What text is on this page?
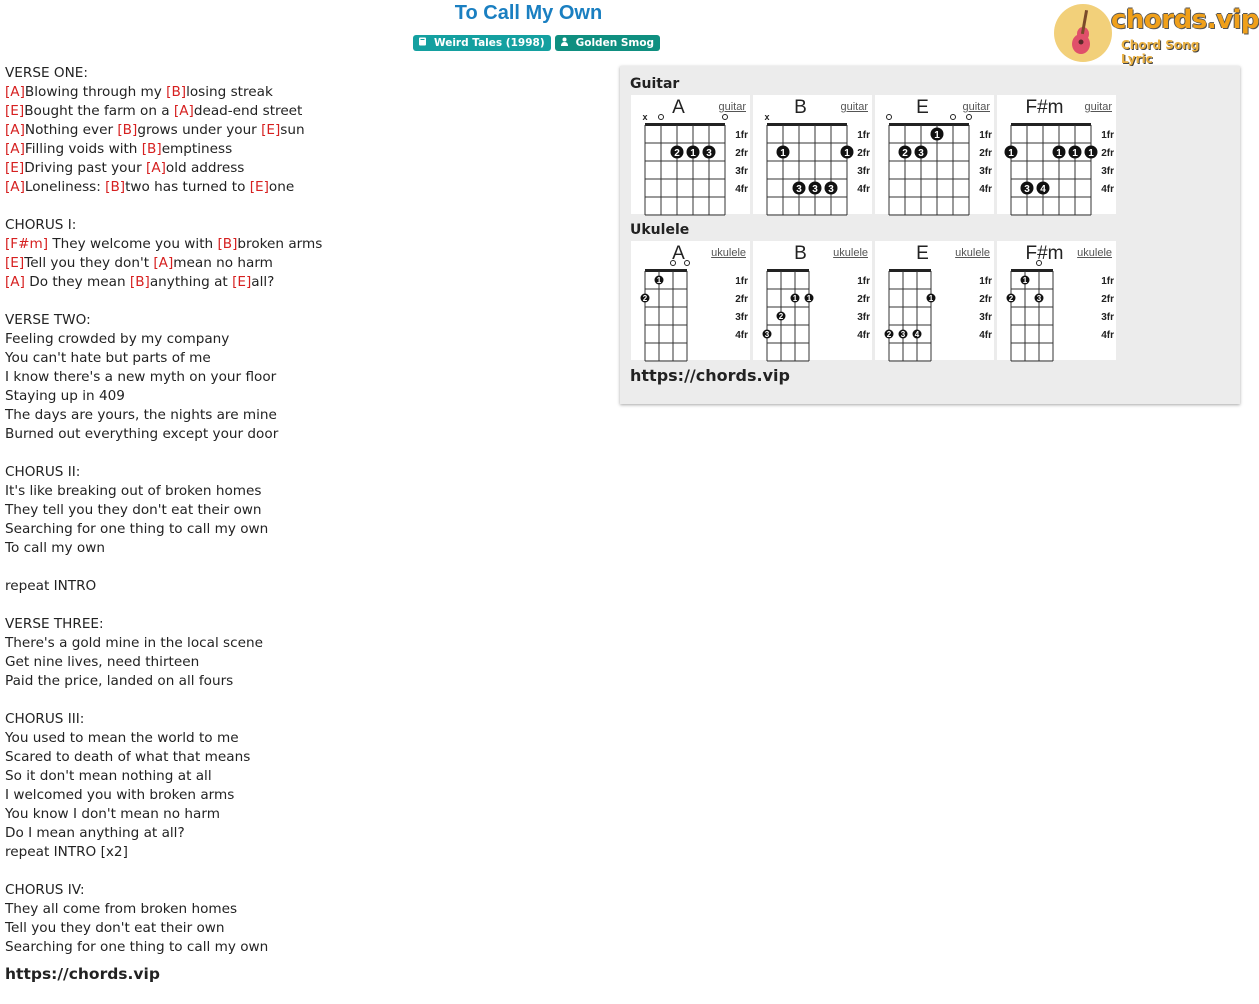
To Call My Own
Weird Tales (1998)	Golden Smog
chords.vip
Chord Song Lyric
VERSE ONE:
[A]Blowing through my [B]losing streak
[E]Bought the farm on a [A]dead-end street
[A]Nothing ever [B]grows under your [E]sun
[A]Filling voids with [B]emptiness
[E]Driving past your [A]old address
[A]Loneliness: [B]two has turned to [E]one
CHORUS I:
[F#m] They welcome you with [B]broken arms
[E]Tell you they don't [A]mean no harm
[A] Do they mean [B]anything at [E]all?
VERSE TWO:
Feeling crowded by my company
You can't hate but parts of me
I know there's a new myth on your floor
Staying up in 409
The days are yours, the nights are mine
Burned out everything except your door
CHORUS II:
It's like breaking out of broken homes
They tell you they don't eat their own
Searching for one thing to call my own
To call my own
repeat INTRO
VERSE THREE:
There's a gold mine in the local scene
Get nine lives, need thirteen
Paid the price, landed on all fours
CHORUS III:
You used to mean the world to me
Scared to death of what that means
So it don't mean nothing at all
I welcomed you with broken arms
You know I don't mean no harm
Do I mean anything at all?
repeat INTRO [x2]
CHORUS IV:
They all come from broken homes
Tell you they don't eat their own
Searching for one thing to call my own
https://chords.vip
Guitar
A	guitar
1fr
2fr
3fr
4fr
x
2 1 3
B	guitar
1fr
2fr
3fr
4fr
x
1	1
3 3 3
E	guitar
1fr
2fr
3fr
4fr
1
2 3
F#m	guitar
1fr
2fr
3fr
4fr
1	1 1 1
3 4
Ukulele
A	ukulele
1fr
2fr
3fr
4fr
1
2
B	ukulele
1fr
2fr
3fr
4fr
1 1
2
3
E	ukulele
1fr
2fr
3fr
4fr
1
2 3 4
F#m	ukulele
1fr
2fr
3fr
4fr
1
2	3
https://chords.vip
